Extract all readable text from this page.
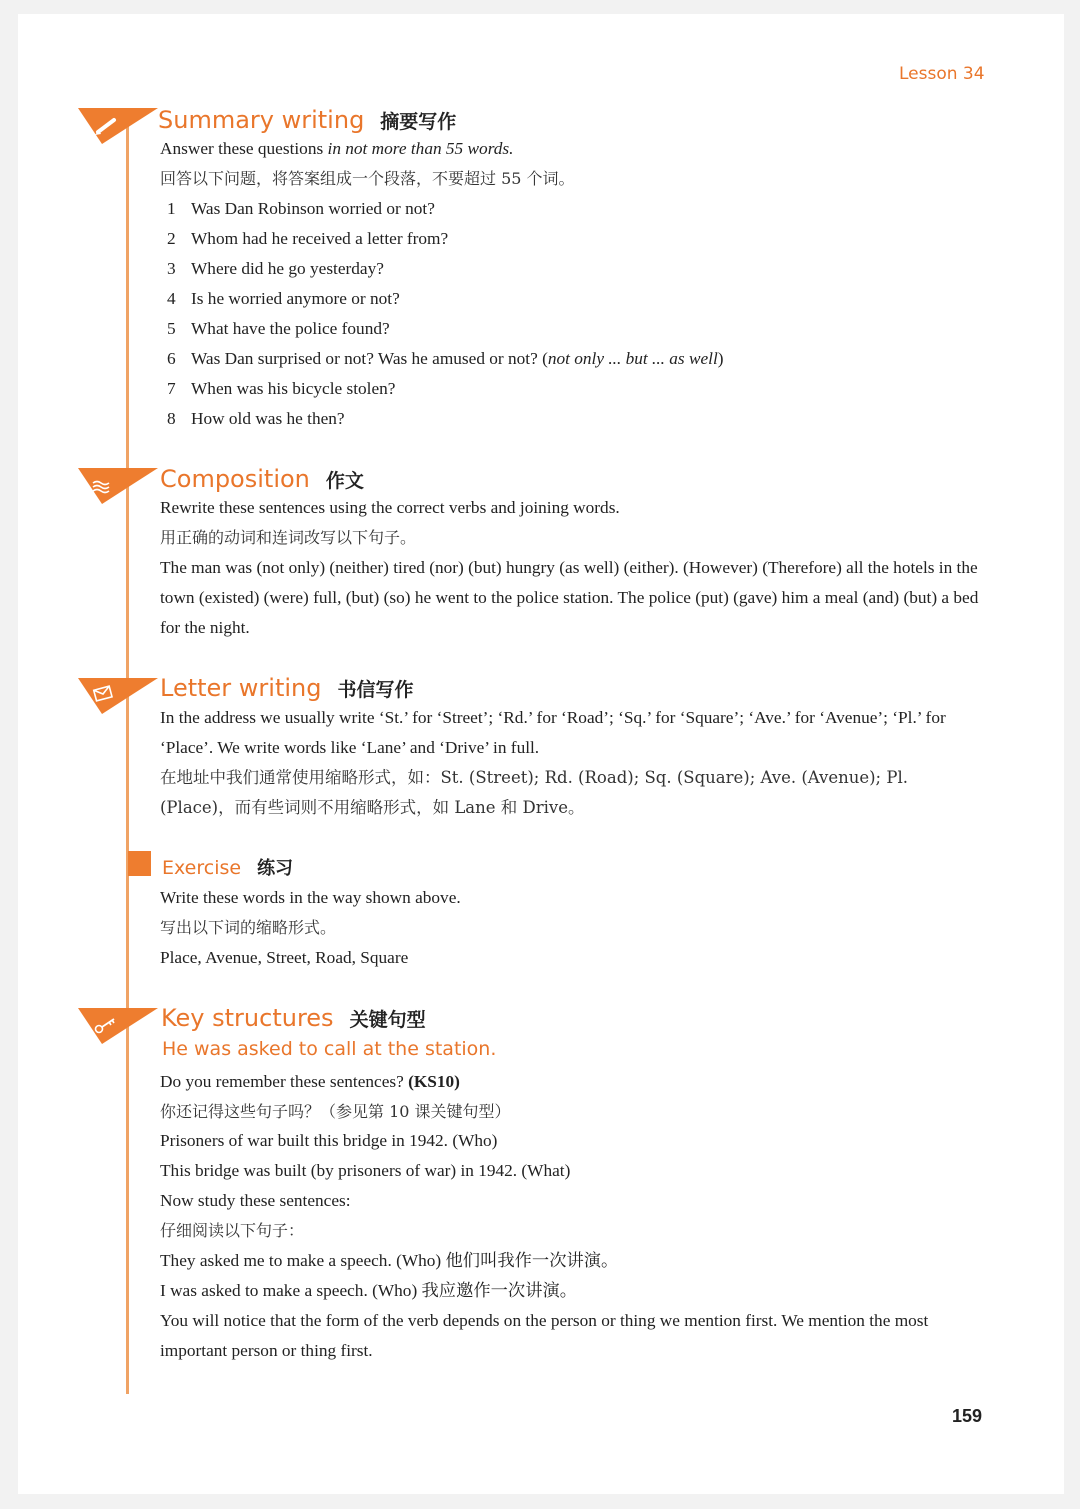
Lesson 34
Summary writing 摘要写作
Answer these questions in not more than 55 words.
回答以下问题，将答案组成一个段落，不要超过 55 个词。
1 Was Dan Robinson worried or not?
2 Whom had he received a letter from?
3 Where did he go yesterday?
4 Is he worried anymore or not?
5 What have the police found?
6 Was Dan surprised or not? Was he amused or not? (not only ... but ... as well)
7 When was his bicycle stolen?
8 How old was he then?
Composition 作文
Rewrite these sentences using the correct verbs and joining words.
用正确的动词和连词改写以下句子。
The man was (not only) (neither) tired (nor) (but) hungry (as well) (either). (However) (Therefore) all the hotels in the town (existed) (were) full, (but) (so) he went to the police station. The police (put) (gave) him a meal (and) (but) a bed for the night.
Letter writing 书信写作
In the address we usually write ‘St.’ for ‘Street’; ‘Rd.’ for ‘Road’; ‘Sq.’ for ‘Square’; ‘Ave.’ for ‘Avenue’; ‘Pl.’ for ‘Place’. We write words like ‘Lane’ and ‘Drive’ in full.
在地址中我们通常使用缩略形式，如：St. (Street); Rd. (Road); Sq. (Square); Ave. (Avenue); Pl. (Place)，而有些词则不用缩略形式，如 Lane 和 Drive。
Exercise 练习
Write these words in the way shown above.
写出以下词的缩略形式。
Place, Avenue, Street, Road, Square
Key structures 关键句型
He was asked to call at the station.
Do you remember these sentences? (KS10)
你还记得这些句子吗？（参见第 10 课关键句型）
Prisoners of war built this bridge in 1942. (Who)
This bridge was built (by prisoners of war) in 1942. (What)
Now study these sentences:
仔细阅读以下句子：
They asked me to make a speech. (Who) 他们叫我作一次讲演。
I was asked to make a speech. (Who) 我应邀作一次讲演。
You will notice that the form of the verb depends on the person or thing we mention first. We mention the most important person or thing first.
159
